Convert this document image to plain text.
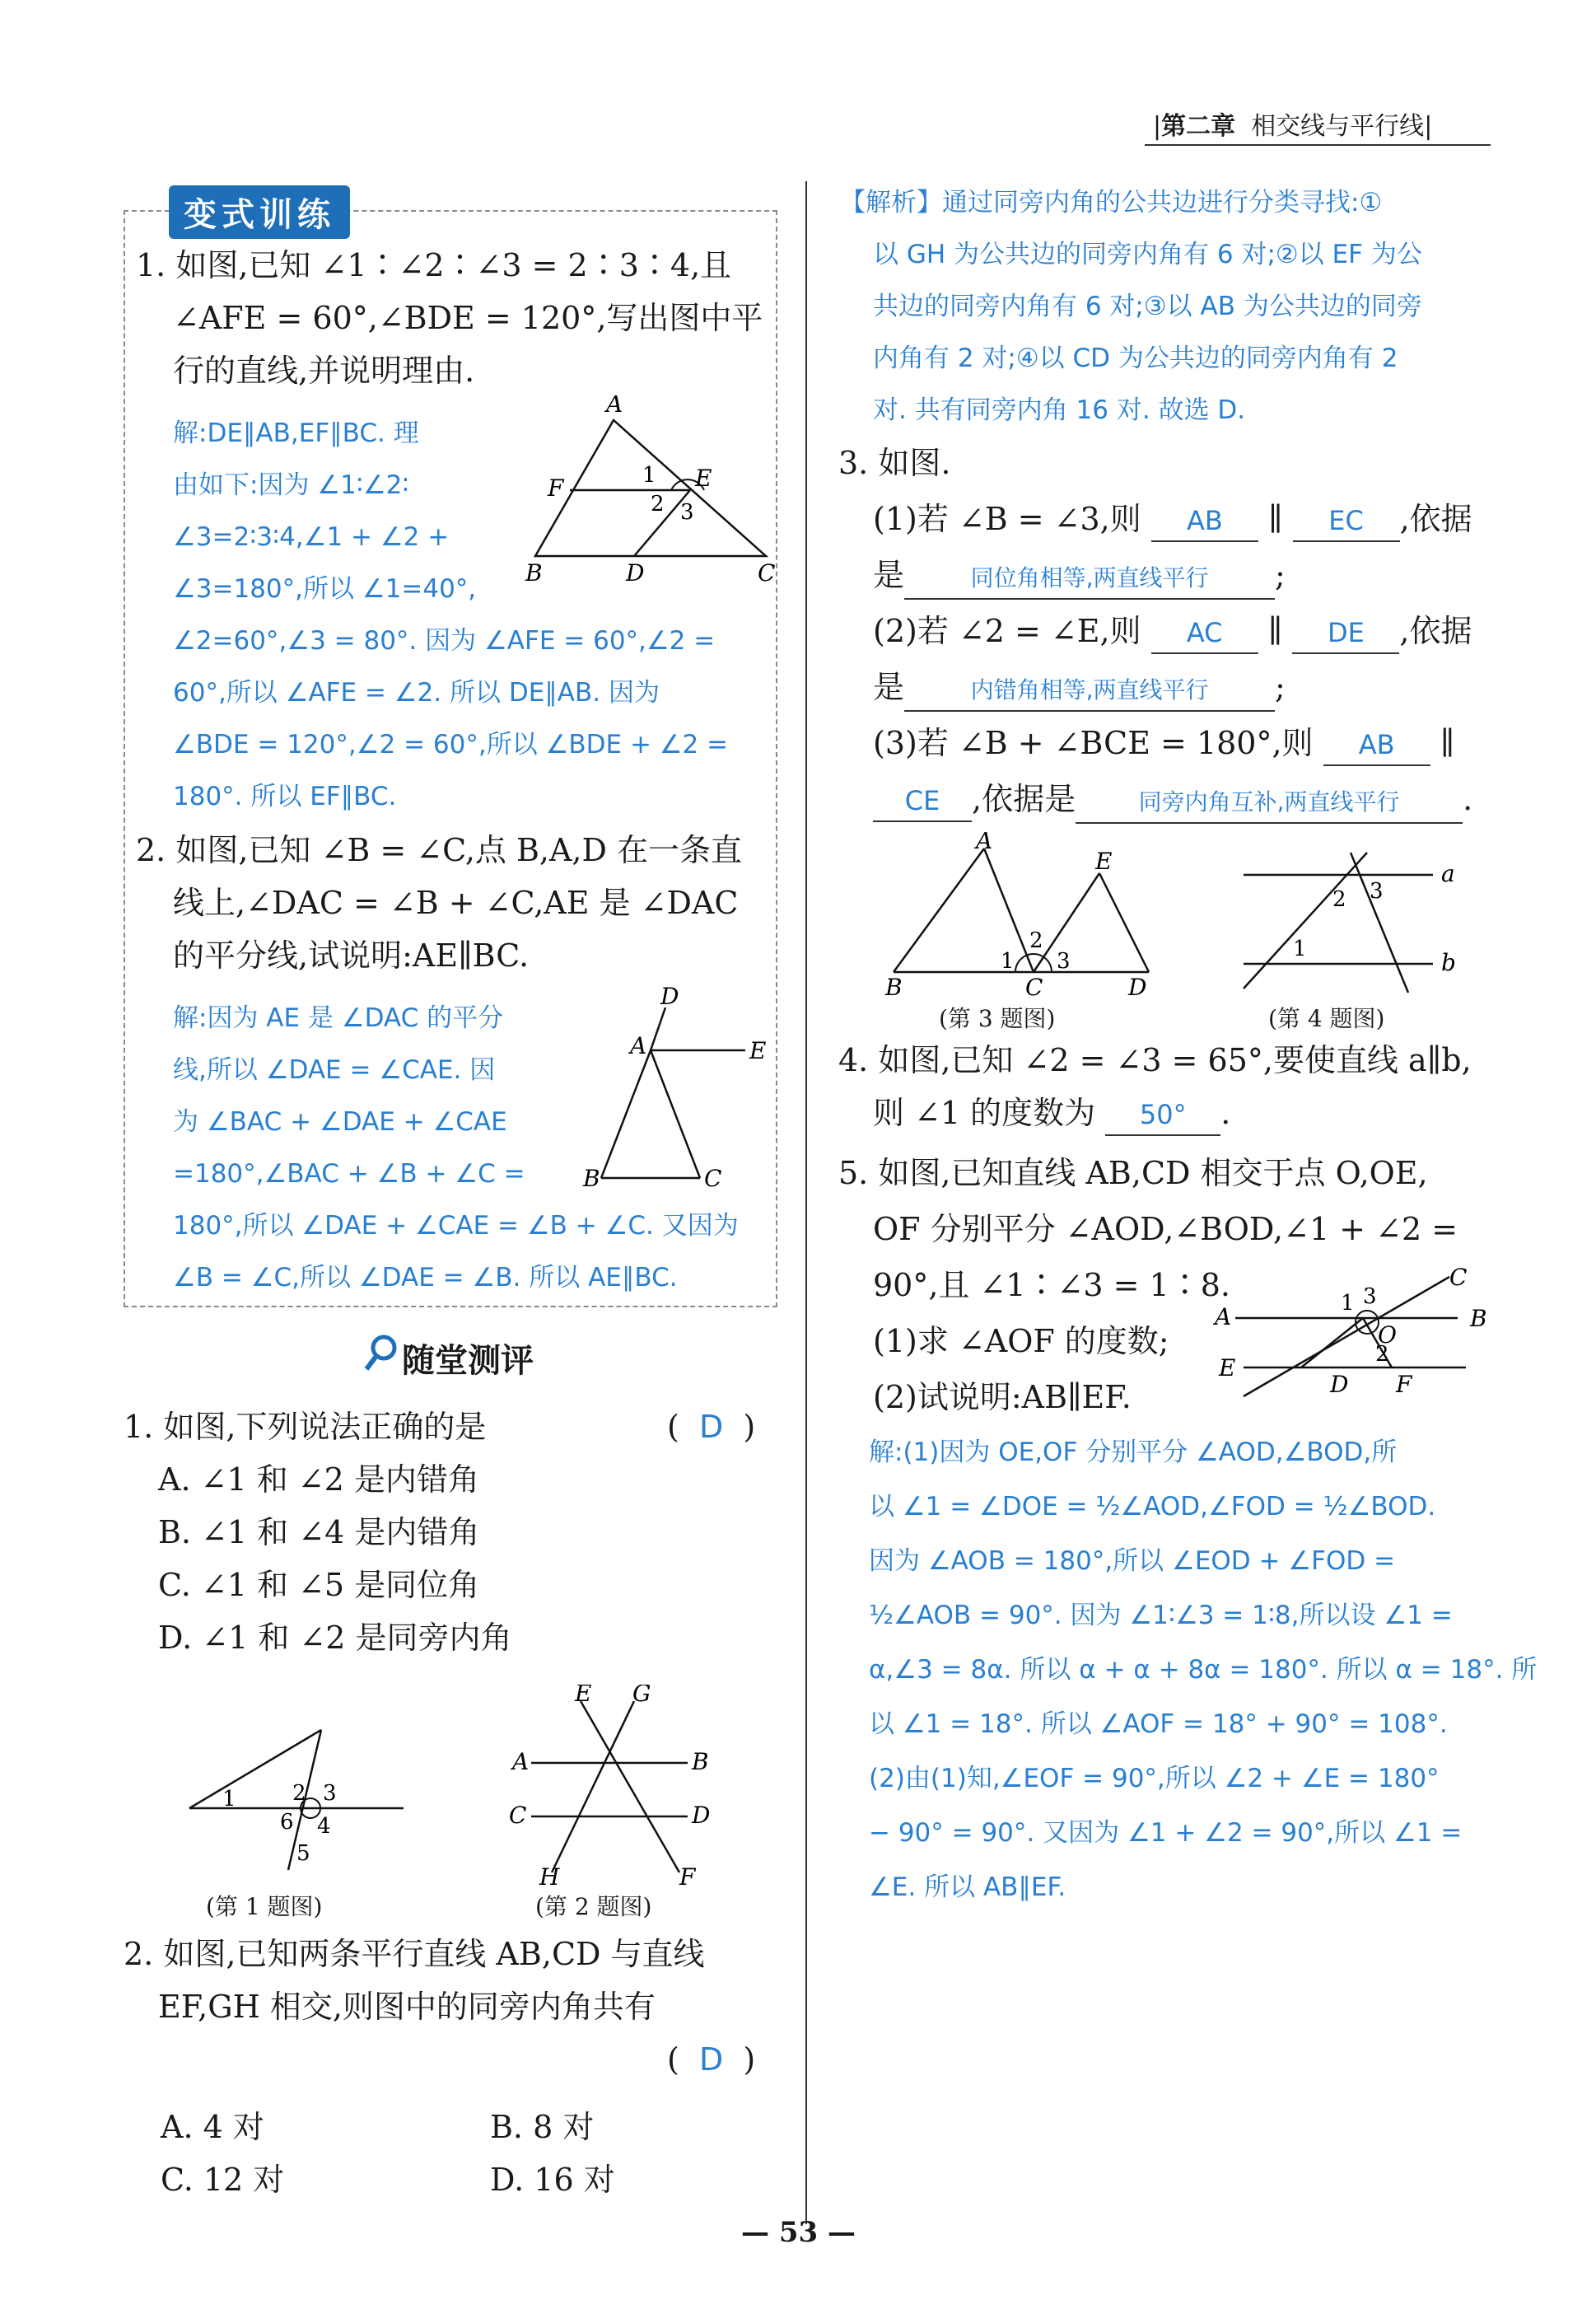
|第二章 相交线与平行线|
变式训练
1. 如图,已知 ∠1∶∠2∶∠3 = 2∶3∶4,且
∠AFE = 60°,∠BDE = 120°,写出图中平
行的直线,并说明理由.
解:DE∥AB,EF∥BC. 理
由如下:因为 ∠1∶∠2∶
∠3=2∶3∶4,∠1 + ∠2 +
∠3=180°,所以 ∠1=40°,
∠2=60°,∠3 = 80°. 因为 ∠AFE = 60°,∠2 =
60°,所以 ∠AFE = ∠2. 所以 DE∥AB. 因为
∠BDE = 120°,∠2 = 60°,所以 ∠BDE + ∠2 =
180°. 所以 EF∥BC.
A
F	E
B	D	C
1
2 3
2. 如图,已知 ∠B = ∠C,点 B,A,D 在一条直
线上,∠DAC = ∠B + ∠C,AE 是 ∠DAC
的平分线,试说明:AE∥BC.
解:因为 AE 是 ∠DAC 的平分
线,所以 ∠DAE = ∠CAE. 因
为 ∠BAC + ∠DAE + ∠CAE
=180°,∠BAC + ∠B + ∠C =
180°,所以 ∠DAE + ∠CAE = ∠B + ∠C. 又因为
∠B = ∠C,所以 ∠DAE = ∠B. 所以 AE∥BC.
D
A	E
B	C
随堂测评
1. 如图,下列说法正确的是	(  D  )
A. ∠1 和 ∠2 是内错角
B. ∠1 和 ∠4 是内错角
C. ∠1 和 ∠5 是同位角
D. ∠1 和 ∠2 是同旁内角
1	2 3
6 4
5
(第 1 题图)
E G
A	B
C	D
H	F
(第 2 题图)
2. 如图,已知两条平行直线 AB,CD 与直线
EF,GH 相交,则图中的同旁内角共有
(  D  )
A. 4 对	B. 8 对
C. 12 对	D. 16 对
【解析】通过同旁内角的公共边进行分类寻找:①
以 GH 为公共边的同旁内角有 6 对;②以 EF 为公
共边的同旁内角有 6 对;③以 AB 为公共边的同旁
内角有 2 对;④以 CD 为公共边的同旁内角有 2
对. 共有同旁内角 16 对. 故选 D.
3. 如图.
(1)若 ∠B = ∠3,则 AB ∥ EC ,依据
是	同位角相等,两直线平行 ;
(2)若 ∠2 = ∠E,则 AC ∥ DE ,依据
是	内错角相等,两直线平行 ;
(3)若 ∠B + ∠BCE = 180°,则 AB ∥
CE ,依据是	同旁内角互补,两直线平行 .
A
E
B	C	D
1
2
3
(第 3 题图)
a
b
2 3
1
(第 4 题图)
4. 如图,已知 ∠2 = ∠3 = 65°,要使直线 a∥b,
则 ∠1 的度数为 50° .
5. 如图,已知直线 AB,CD 相交于点 O,OE,
OF 分别平分 ∠AOD,∠BOD,∠1 + ∠2 =
90°,且 ∠1∶∠3 = 1∶8.
(1)求 ∠AOF 的度数;
(2)试说明:AB∥EF.
C
A	B
E
D F
O
1 3
2
解:(1)因为 OE,OF 分别平分 ∠AOD,∠BOD,所
以 ∠1 = ∠DOE = ½∠AOD,∠FOD = ½∠BOD.
因为 ∠AOB = 180°,所以 ∠EOD + ∠FOD =
½∠AOB = 90°. 因为 ∠1∶∠3 = 1∶8,所以设 ∠1 =
α,∠3 = 8α. 所以 α + α + 8α = 180°. 所以 α = 18°. 所
以 ∠1 = 18°. 所以 ∠AOF = 18° + 90° = 108°.
(2)由(1)知,∠EOF = 90°,所以 ∠2 + ∠E = 180°
− 90° = 90°. 又因为 ∠1 + ∠2 = 90°,所以 ∠1 =
∠E. 所以 AB∥EF.
— 53 —
